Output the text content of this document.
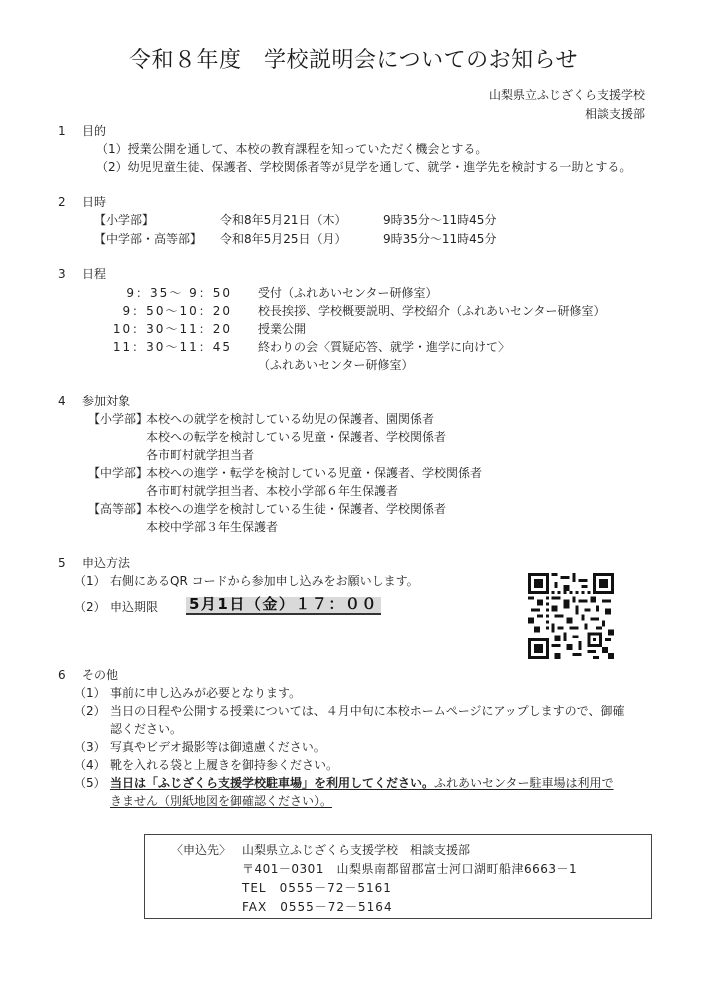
令和８年度　学校説明会についてのお知らせ
山梨県立ふじざくら支援学校
相談支援部
1 目的
（1）授業公開を通して、本校の教育課程を知っていただく機会とする。
（2）幼児児童生徒、保護者、学校関係者等が見学を通して、就学・進学先を検討する一助とする。
2 日時
【小学部】	令和8年5月21日（木）	9時35分～11時45分
【中学部・高等部】 令和8年5月25日（月）	9時35分～11時45分
3 日程
9：35～ 9：50 受付（ふれあいセンター研修室）
9：50～10：20 校長挨拶、学校概要説明、学校紹介（ふれあいセンター研修室）
10：30～11：20 授業公開
11：30～11：45 終わりの会〈質疑応答、就学・進学に向けて〉
（ふれあいセンター研修室）
4 参加対象
【小学部】
本校への就学を検討している幼児の保護者、園関係者
本校への転学を検討している児童・保護者、学校関係者
各市町村就学担当者
【中学部】
本校への進学・転学を検討している児童・保護者、学校関係者
各市町村就学担当者、本校小学部６年生保護者
【高等部】
本校への進学を検討している生徒・保護者、学校関係者
本校中学部３年生保護者
5 申込方法
（1） 右側にあるQR コードから参加申し込みをお願いします。
（2） 申込期限 5月1日（金）１７：００
6 その他
（1） 事前に申し込みが必要となります。
（2） 当日の日程や公開する授業については、４月中旬に本校ホームページにアップしますので、御確
認ください。
（3） 写真やビデオ撮影等は御遠慮ください。
（4） 靴を入れる袋と上履きを御持参ください。
（5） 当日は「ふじざくら支援学校駐車場」を利用してください。ふれあいセンター駐車場は利用で
きません（別紙地図を御確認ください）。
〈申込先〉 山梨県立ふじざくら支援学校　相談支援部
〒401－0301　山梨県南都留郡富士河口湖町船津6663－1
TEL　0555－72－5161
FAX　0555－72－5164
